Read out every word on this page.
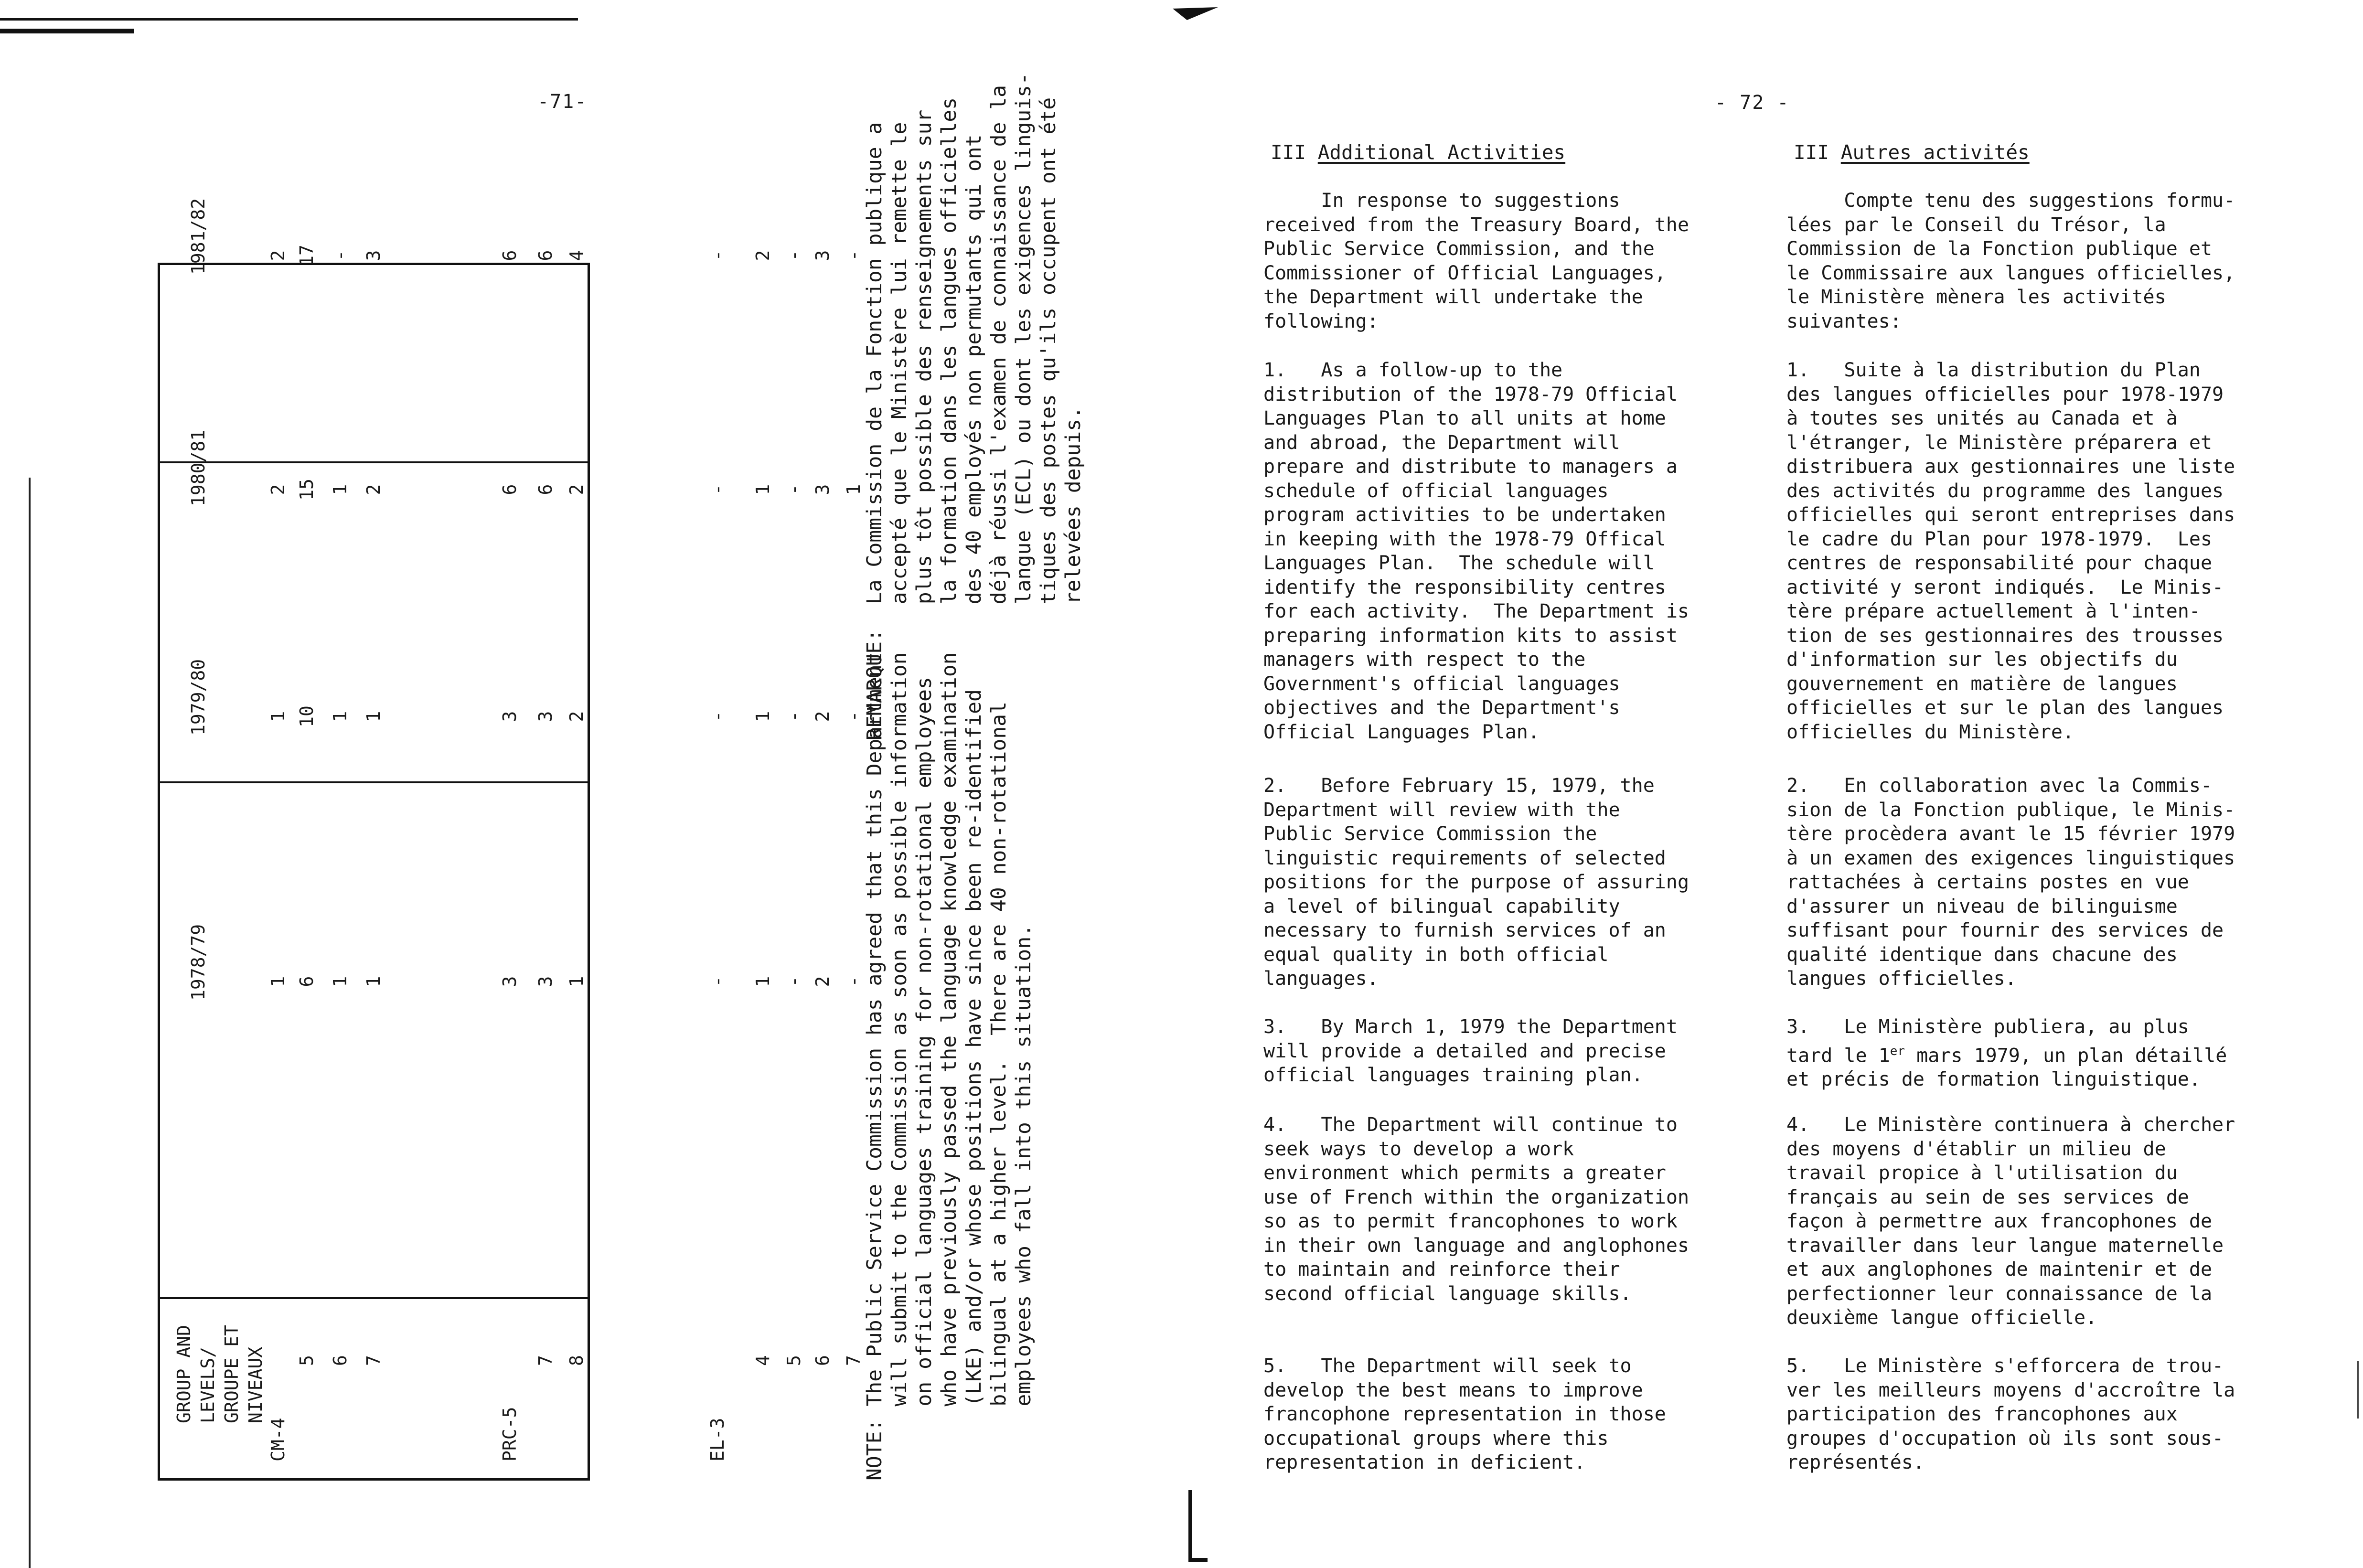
-71-
GROUP AND LEVELS/ GROUPE ET NIVEAUX
1978/79
1979/80
1980/81
1981/82
CM-4
5 6 7
PRC-5
7 8
EL-3
4 5 6 7
NOTE: The Public Service Commission has agreed that this Department will submit to the Commission as soon as possible information on official languages training for non-rotational employees who have previously passed the language knowledge examination (LKE) and/or whose positions have since been re-identified bilingual at a higher level.  There are 40 non-rotational employees who fall into this situation.
REMARQUE:  La Commission de la Fonction publique a accepté que le Ministère lui remette le plus tôt possible des renseignements sur la formation dans les langues officielles des 40 employés non permutants qui ont déjà réussi l'examen de connaissance de la langue (ECL) ou dont les exigences linguis- tiques des postes qu'ils occupent ont été relevées depuis.
1
1
2
2
6
10
15
17
1
1
1
-
1
1
2
3
3
3
6
6
3
3
6
6
1
2
2
4
-
-
-
-
1
1
1
2
-
-
-
-
2
2
3
3
-
-
1
-
- 72 -
III Additional Activities
In response to suggestions
received from the Treasury Board, the
Public Service Commission, and the
Commissioner of Official Languages,
the Department will undertake the
following:
1.   As a follow-up to the
distribution of the 1978-79 Official
Languages Plan to all units at home
and abroad, the Department will
prepare and distribute to managers a
schedule of official languages
program activities to be undertaken
in keeping with the 1978-79 Offical
Languages Plan.  The schedule will
identify the responsibility centres
for each activity.  The Department is
preparing information kits to assist
managers with respect to the
Government's official languages
objectives and the Department's
Official Languages Plan.
2.   Before February 15, 1979, the
Department will review with the
Public Service Commission the
linguistic requirements of selected
positions for the purpose of assuring
a level of bilingual capability
necessary to furnish services of an
equal quality in both official
languages.
3.   By March 1, 1979 the Department
will provide a detailed and precise
official languages training plan.
4.   The Department will continue to
seek ways to develop a work
environment which permits a greater
use of French within the organization
so as to permit francophones to work
in their own language and anglophones
to maintain and reinforce their
second official language skills.
5.   The Department will seek to
develop the best means to improve
francophone representation in those
occupational groups where this
representation in deficient.
III Autres activités
Compte tenu des suggestions formu-
lées par le Conseil du Trésor, la
Commission de la Fonction publique et
le Commissaire aux langues officielles,
le Ministère mènera les activités
suivantes:
1.   Suite à la distribution du Plan
des langues officielles pour 1978-1979
à toutes ses unités au Canada et à
l'étranger, le Ministère préparera et
distribuera aux gestionnaires une liste
des activités du programme des langues
officielles qui seront entreprises dans
le cadre du Plan pour 1978-1979.  Les
centres de responsabilité pour chaque
activité y seront indiqués.  Le Minis-
tère prépare actuellement à l'inten-
tion de ses gestionnaires des trousses
d'information sur les objectifs du
gouvernement en matière de langues
officielles et sur le plan des langues
officielles du Ministère.
2.   En collaboration avec la Commis-
sion de la Fonction publique, le Minis-
tère procèdera avant le 15 février 1979
à un examen des exigences linguistiques
rattachées à certains postes en vue
d'assurer un niveau de bilinguisme
suffisant pour fournir des services de
qualité identique dans chacune des
langues officielles.
3.   Le Ministère publiera, au plus
tard le 1er mars 1979, un plan détaillé
et précis de formation linguistique.
4.   Le Ministère continuera à chercher
des moyens d'établir un milieu de
travail propice à l'utilisation du
français au sein de ses services de
façon à permettre aux francophones de
travailler dans leur langue maternelle
et aux anglophones de maintenir et de
perfectionner leur connaissance de la
deuxième langue officielle.
5.   Le Ministère s'efforcera de trou-
ver les meilleurs moyens d'accroître la
participation des francophones aux
groupes d'occupation où ils sont sous-
représentés.
